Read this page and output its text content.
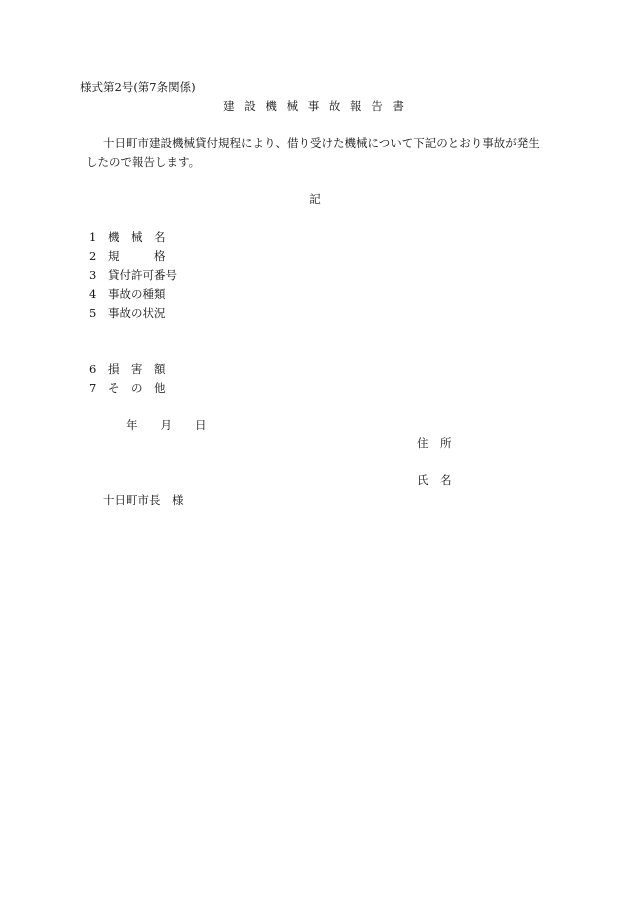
様式第2号(第7条関係)
建 設 機 械 事 故 報 告 書
十日町市建設機械貸付規程により、借り受けた機械について下記のとおり事故が発生
したので報告します。
記
1 機　械　名
2 規　　　格
3 貸付許可番号
4 事故の種類
5 事故の状況
6 損　害　額
7 そ　の　他
年　　月　　日
住　所
氏　名
十日町市長　様
